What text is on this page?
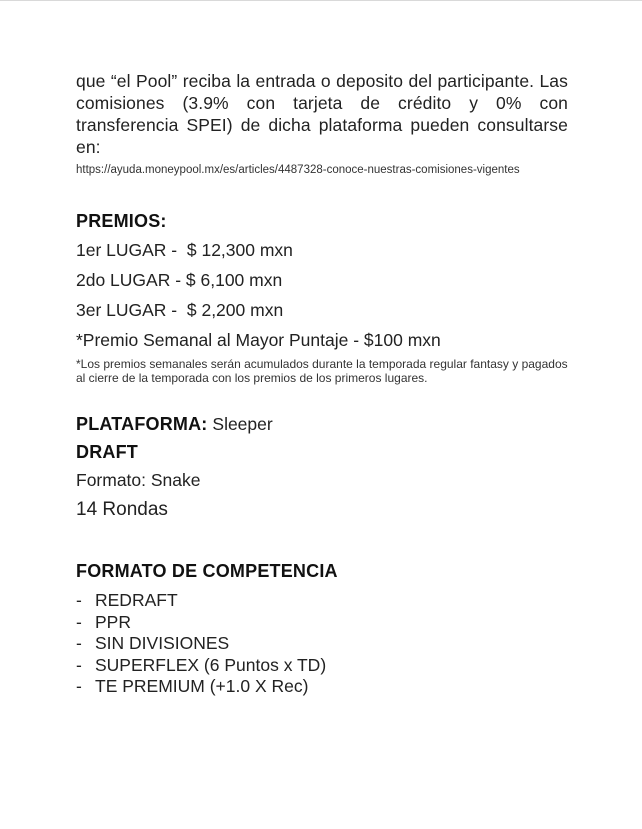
que “el Pool” reciba la entrada o deposito del participante. Las comisiones (3.9% con tarjeta de crédito y 0% con transferencia SPEI) de dicha plataforma pueden consultarse en:

https://ayuda.moneypool.mx/es/articles/4487328-conoce-nuestras-comisiones-vigentes
PREMIOS:
1er LUGAR -  $ 12,300 mxn
2do LUGAR - $ 6,100 mxn
3er LUGAR -  $ 2,200 mxn
*Premio Semanal al Mayor Puntaje - $100 mxn
*Los premios semanales serán acumulados durante la temporada regular fantasy y pagados al cierre de la temporada con los premios de los primeros lugares.
PLATAFORMA: Sleeper
DRAFT
Formato: Snake
14 Rondas
FORMATO DE COMPETENCIA
- REDRAFT
- PPR
- SIN DIVISIONES
- SUPERFLEX (6 Puntos x TD)
- TE PREMIUM (+1.0 X Rec)
